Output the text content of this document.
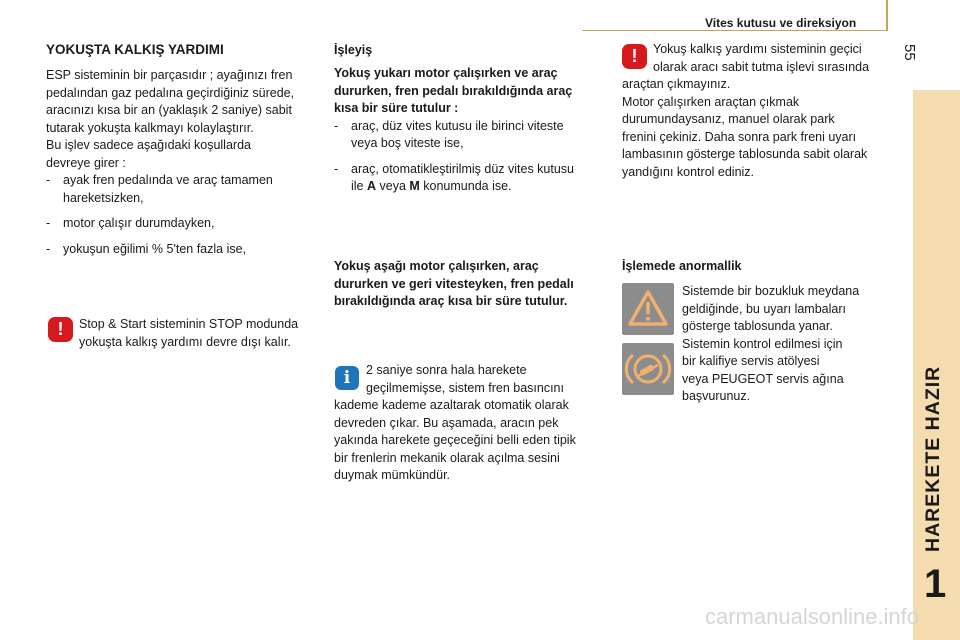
Vites kutusu ve direksiyon
55
HAREKETE HAZIR
1
YOKUŞTA KALKIŞ YARDIMI

ESP sisteminin bir parçasıdır ; ayağınızı fren

pedalından gaz pedalına geçirdiğiniz sürede,

aracınızı kısa bir an (yaklaşık 2 saniye) sabit

tutarak yokuşta kalkmayı kolaylaştırır.

Bu işlev sadece aşağıdaki koşullarda

devreye girer :

- ayak fren pedalında ve araç tamamen hareketsizken,

- motor çalışır durumdayken,

- yokuşun eğilimi % 5'ten fazla ise,

!	Stop & Start sisteminin STOP modunda

yokuşta kalkış yardımı devre dışı kalır.

İşleyiş

Yokuş yukarı motor çalışırken ve araç

dururken, fren pedalı bırakıldığında araç

kısa bir süre tutulur :

- araç, düz vites kutusu ile birinci viteste

veya boş viteste ise,

- araç, otomatikleştirilmiş düz vites kutusu

ile A veya M konumunda ise.

Yokuş aşağı motor çalışırken, araç

dururken ve geri vitesteyken, fren pedalı

bırakıldığında araç kısa bir süre tutulur.

i	2 saniye sonra hala harekete

geçilmemişse, sistem fren basıncını

kademe kademe azaltarak otomatik olarak

devreden çıkar. Bu aşamada, aracın pek

yakında harekete geçeceğini belli eden tipik

bir frenlerin mekanik olarak açılma sesini

duymak mümkündür.

!	Yokuş kalkış yardımı sisteminin geçici

olarak aracı sabit tutma işlevi sırasında

araçtan çıkmayınız.

Motor çalışırken araçtan çıkmak

durumundaysanız, manuel olarak park

frenini çekiniz. Daha sonra park freni uyarı

lambasının gösterge tablosunda sabit olarak

yandığını kontrol ediniz.

İşlemede anormallik

Sistemde bir bozukluk meydana

geldiğinde, bu uyarı lambaları

gösterge tablosunda yanar.

Sistemin kontrol edilmesi için

bir kalifiye servis atölyesi

veya PEUGEOT servis ağına

başvurunuz.

carmanualsonline.info
